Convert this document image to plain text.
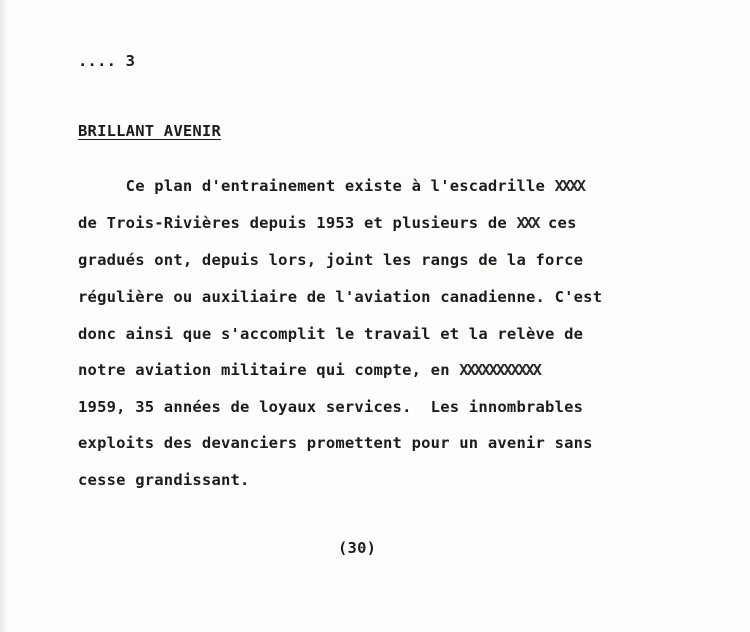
.... 3
BRILLANT AVENIR
Ce plan d'entrainement existe à l'escadrille XXXX
de Trois-Rivières depuis 1953 et plusieurs de XXX ces
gradués ont, depuis lors, joint les rangs de la force
régulière ou auxiliaire de l'aviation canadienne. C'est
donc ainsi que s'accomplit le travail et la relève de
notre aviation militaire qui compte, en XXXXXXXXXXX
1959, 35 années de loyaux services.  Les innombrables
exploits des devanciers promettent pour un avenir sans
cesse grandissant.
(30)
